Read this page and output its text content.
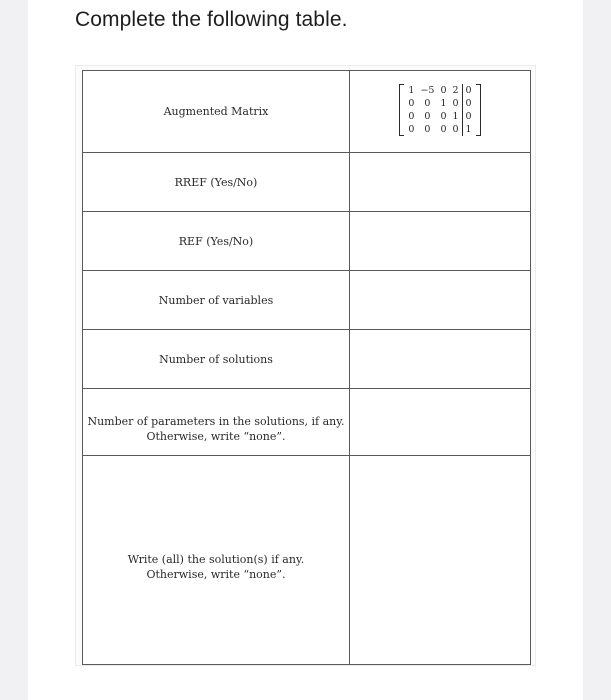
Complete the following table.
Augmented Matrix	
1	−5	0	2	0
0	0	1	0	0
0	0	0	1	0
0	0	0	0	1

RREF (Yes/No)	
REF (Yes/No)	
Number of variables	
Number of solutions	

Number of parameters in the solutions, if any.
Otherwise, write “none”.

Write (all) the solution(s) if any.
Otherwise, write “none”.
